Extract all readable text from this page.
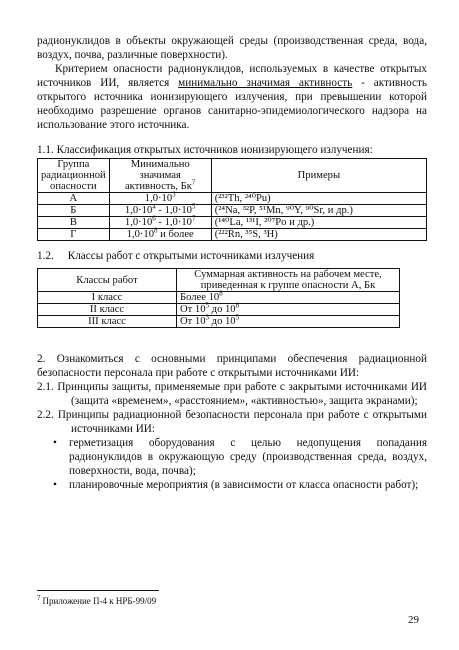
радионуклидов в объекты окружающей среды (производственная среда, вода, воздух, почва, различные поверхности).

Критерием опасности радионуклидов, используемых в качестве открытых источников ИИ, является минимально значимая активность - активность открытого источника ионизирующего излучения, при превышении которой необходимо разрешение органов санитарно-эпидемиологического надзора на использование этого источника.

1.1. Классификация открытых источников ионизирующего излучения:
Группа радиационной опасности	Минимально значимая активность, $Бк^7$	Примеры
А	$1,0\cdot 10^3$	(²³²Th, ²⁴⁰Pu)
Б	$1,0\cdot 10^4 - 1,0\cdot 10^5$	(²⁴Na, ³²P, ⁵¹Mn, ⁹⁰Y, ⁹⁰Sr, и др.)
В	$1,0\cdot 10^6 - 1,0\cdot 10^7$	(¹⁴⁰La, ¹³¹I, ²⁰⁷Po и др.)
Г	$1,0\cdot 10^8$ и более	(²²²Rn, ³⁵S, ³H)
1.2.     Классы работ с открытыми источниками излучения
Классы работ	Суммарная активность на рабочем месте, приведенная к группе опасности А, Бк
I класс	Более $10^8$
II класс	От $10^5$ до $10^8$
III класс	От $10^3$ до $10^5$

2. Ознакомиться с основными принципами обеспечения радиационной безопасности персонала при работе с открытыми источниками ИИ:

2.1. Принципы защиты, применяемые при работе с закрытыми источниками ИИ (защита «временем», «расстоянием», «активностью», защита экранами);

2.2. Принципы радиационной безопасности персонала при работе с открытыми источниками ИИ:

•	герметизация оборудования с целью недопущения попадания радионуклидов в окружающую среду (производственная среда, воздух, поверхности, вода, почва);
•	планировочные мероприятия (в зависимости от класса опасности работ);
$^7$ Приложение П-4 к НРБ-99/09
29
